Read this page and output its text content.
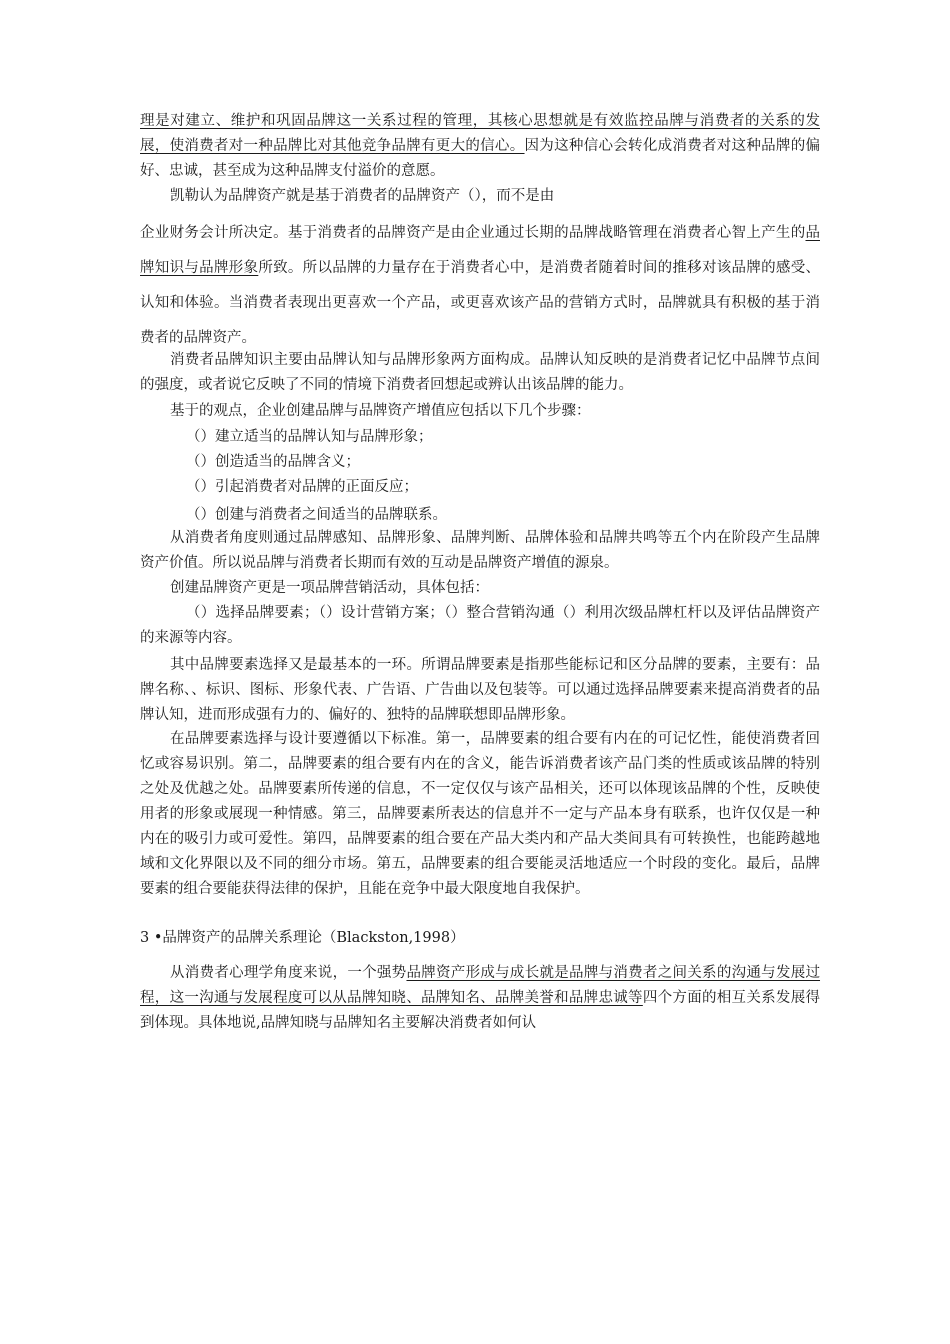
理是对建立、维护和巩固品牌这一关系过程的管理，其核心思想就是有效监控品牌与消费者的关系的发展，使消费者对一种品牌比对其他竞争品牌有更大的信心。因为这种信心会转化成消费者对这种品牌的偏好、忠诚，甚至成为这种品牌支付溢价的意愿。

凯勒认为品牌资产就是基于消费者的品牌资产（），而不是由

企业财务会计所决定。基于消费者的品牌资产是由企业通过长期的品牌战略管理在消费者心智上产生的品牌知识与品牌形象所致。所以品牌的力量存在于消费者心中，是消费者随着时间的推移对该品牌的感受、认知和体验。当消费者表现出更喜欢一个产品，或更喜欢该产品的营销方式时，品牌就具有积极的基于消费者的品牌资产。

消费者品牌知识主要由品牌认知与品牌形象两方面构成。品牌认知反映的是消费者记忆中品牌节点间的强度，或者说它反映了不同的情境下消费者回想起或辨认出该品牌的能力。

基于的观点，企业创建品牌与品牌资产增值应包括以下几个步骤：

（）建立适当的品牌认知与品牌形象；

（）创造适当的品牌含义；

（）引起消费者对品牌的正面反应；

（）创建与消费者之间适当的品牌联系。

从消费者角度则通过品牌感知、品牌形象、品牌判断、品牌体验和品牌共鸣等五个内在阶段产生品牌资产价值。所以说品牌与消费者长期而有效的互动是品牌资产增值的源泉。

创建品牌资产更是一项品牌营销活动，具体包括：

（）选择品牌要素；（）设计营销方案；（）整合营销沟通（）利用次级品牌杠杆以及评估品牌资产的来源等内容。

其中品牌要素选择又是最基本的一环。所谓品牌要素是指那些能标记和区分品牌的要素，主要有：品牌名称、、标识、图标、形象代表、广告语、广告曲以及包装等。可以通过选择品牌要素来提高消费者的品牌认知，进而形成强有力的、偏好的、独特的品牌联想即品牌形象。

在品牌要素选择与设计要遵循以下标准。第一，品牌要素的组合要有内在的可记忆性，能使消费者回忆或容易识别。第二，品牌要素的组合要有内在的含义，能告诉消费者该产品门类的性质或该品牌的特别之处及优越之处。品牌要素所传递的信息，不一定仅仅与该产品相关，还可以体现该品牌的个性，反映使用者的形象或展现一种情感。第三，品牌要素所表达的信息并不一定与产品本身有联系，也许仅仅是一种内在的吸引力或可爱性。第四，品牌要素的组合要在产品大类内和产品大类间具有可转换性，也能跨越地域和文化界限以及不同的细分市场。第五，品牌要素的组合要能灵活地适应一个时段的变化。最后，品牌要素的组合要能获得法律的保护，且能在竞争中最大限度地自我保护。

3 •品牌资产的品牌关系理论（Blackston,1998）

从消费者心理学角度来说，一个强势品牌资产形成与成长就是品牌与消费者之间关系的沟通与发展过程，这一沟通与发展程度可以从品牌知晓、品牌知名、品牌美誉和品牌忠诚等四个方面的相互关系发展得到体现。具体地说,品牌知晓与品牌知名主要解决消费者如何认
